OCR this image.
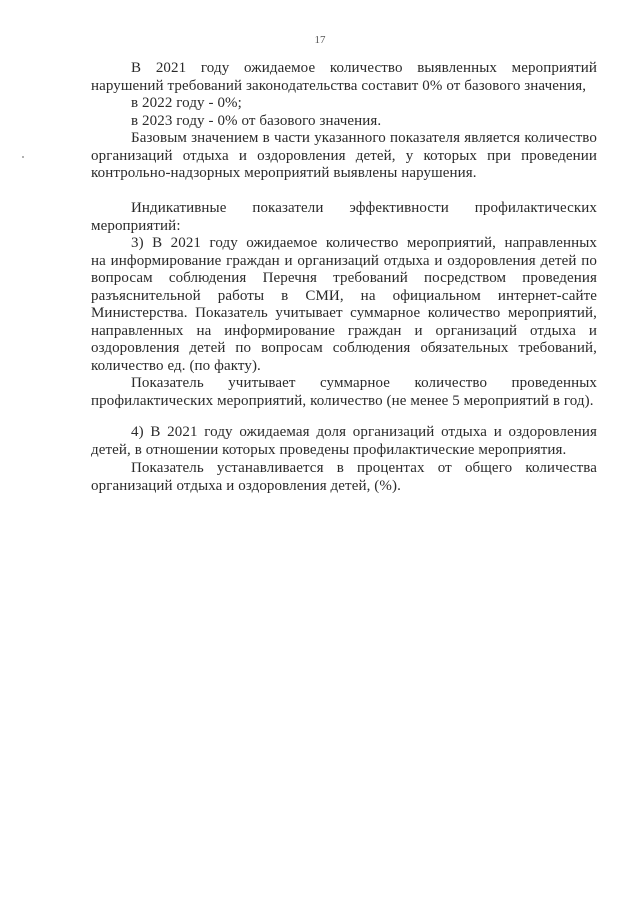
17
В 2021 году ожидаемое количество выявленных мероприятий
нарушений требований законодательства составит 0% от базового значения,
в 2022 году - 0%;
в 2023 году - 0% от базового значения.
Базовым значением в части указанного показателя является количество
организаций отдыха и оздоровления детей, у которых при проведении
контрольно-надзорных мероприятий выявлены нарушения.
Индикативные показатели эффективности профилактических
мероприятий:
3) В 2021 году ожидаемое количество мероприятий, направленных
на информирование граждан и организаций отдыха и оздоровления детей по
вопросам соблюдения Перечня требований посредством проведения
разъяснительной работы в СМИ, на официальном интернет-сайте
Министерства. Показатель учитывает суммарное количество мероприятий,
направленных на информирование граждан и организаций отдыха и
оздоровления детей по вопросам соблюдения обязательных требований,
количество ед. (по факту).
Показатель учитывает суммарное количество проведенных
профилактических мероприятий, количество (не менее 5 мероприятий в год).
4) В 2021 году ожидаемая доля организаций отдыха и оздоровления
детей, в отношении которых проведены профилактические мероприятия.
Показатель устанавливается в процентах от общего количества
организаций отдыха и оздоровления детей, (%).
